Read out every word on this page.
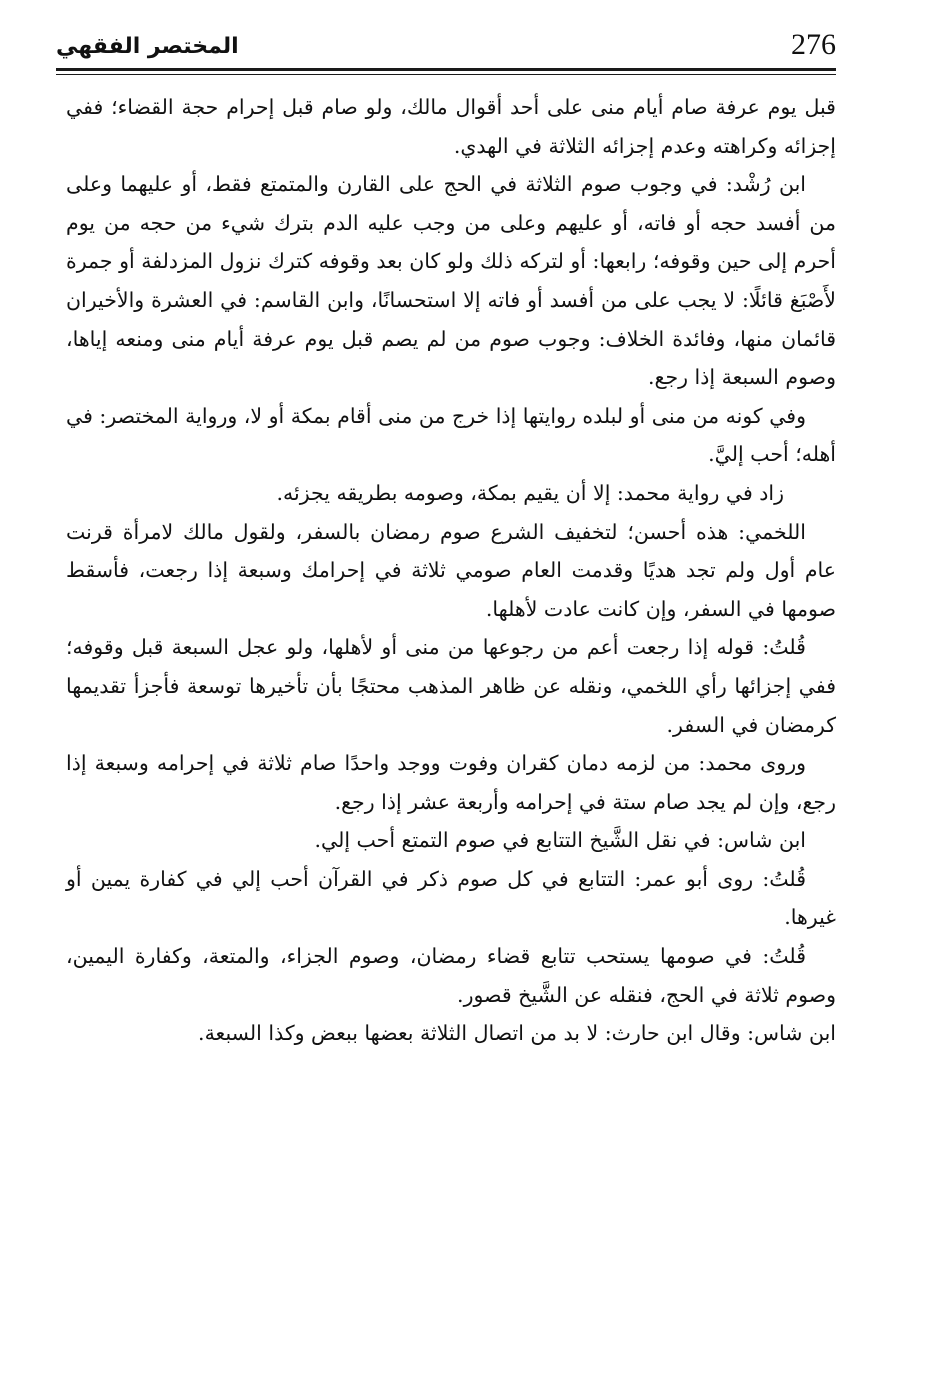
المختصر الفقهي	276

قبل يوم عرفة صام أيام منى على أحد أقوال مالك، ولو صام قبل إحرام حجة القضاء؛ ففي إجزائه وكراهته وعدم إجزائه الثلاثة في الهدي.

ابن رُشْد: في وجوب صوم الثلاثة في الحج على القارن والمتمتع فقط، أو عليهما وعلى من أفسد حجه أو فاته، أو عليهم وعلى من وجب عليه الدم بترك شيء من حجه من يوم أحرم إلى حين وقوفه؛ رابعها: أو لتركه ذلك ولو كان بعد وقوفه كترك نزول المزدلفة أو جمرة لأَصْبَغ قائلًا: لا يجب على من أفسد أو فاته إلا استحسانًا، وابن القاسم: في العشرة والأخيران قائمان منها، وفائدة الخلاف: وجوب صوم من لم يصم قبل يوم عرفة أيام منى ومنعه إياها، وصوم السبعة إذا رجع.

وفي كونه من منى أو لبلده روايتها إذا خرج من منى أقام بمكة أو لا، ورواية المختصر: في أهله؛ أحب إليَّ.

زاد في رواية محمد: إلا أن يقيم بمكة، وصومه بطريقه يجزئه.

اللخمي: هذه أحسن؛ لتخفيف الشرع صوم رمضان بالسفر، ولقول مالك لامرأة قرنت عام أول ولم تجد هديًا وقدمت العام صومي ثلاثة في إحرامك وسبعة إذا رجعت، فأسقط صومها في السفر، وإن كانت عادت لأهلها.

قُلتُ: قوله إذا رجعت أعم من رجوعها من منى أو لأهلها، ولو عجل السبعة قبل وقوفه؛ ففي إجزائها رأي اللخمي، ونقله عن ظاهر المذهب محتجًا بأن تأخيرها توسعة فأجزأ تقديمها كرمضان في السفر.

وروى محمد: من لزمه دمان كقران وفوت ووجد واحدًا صام ثلاثة في إحرامه وسبعة إذا رجع، وإن لم يجد صام ستة في إحرامه وأربعة عشر إذا رجع.

ابن شاس: في نقل الشَّيخ التتابع في صوم التمتع أحب إلي.

قُلتُ: روى أبو عمر: التتابع في كل صوم ذكر في القرآن أحب إلي في كفارة يمين أو غيرها.

قُلتُ: في صومها يستحب تتابع قضاء رمضان، وصوم الجزاء، والمتعة، وكفارة اليمين، وصوم ثلاثة في الحج، فنقله عن الشَّيخ قصور.

ابن شاس: وقال ابن حارث: لا بد من اتصال الثلاثة بعضها ببعض وكذا السبعة.
